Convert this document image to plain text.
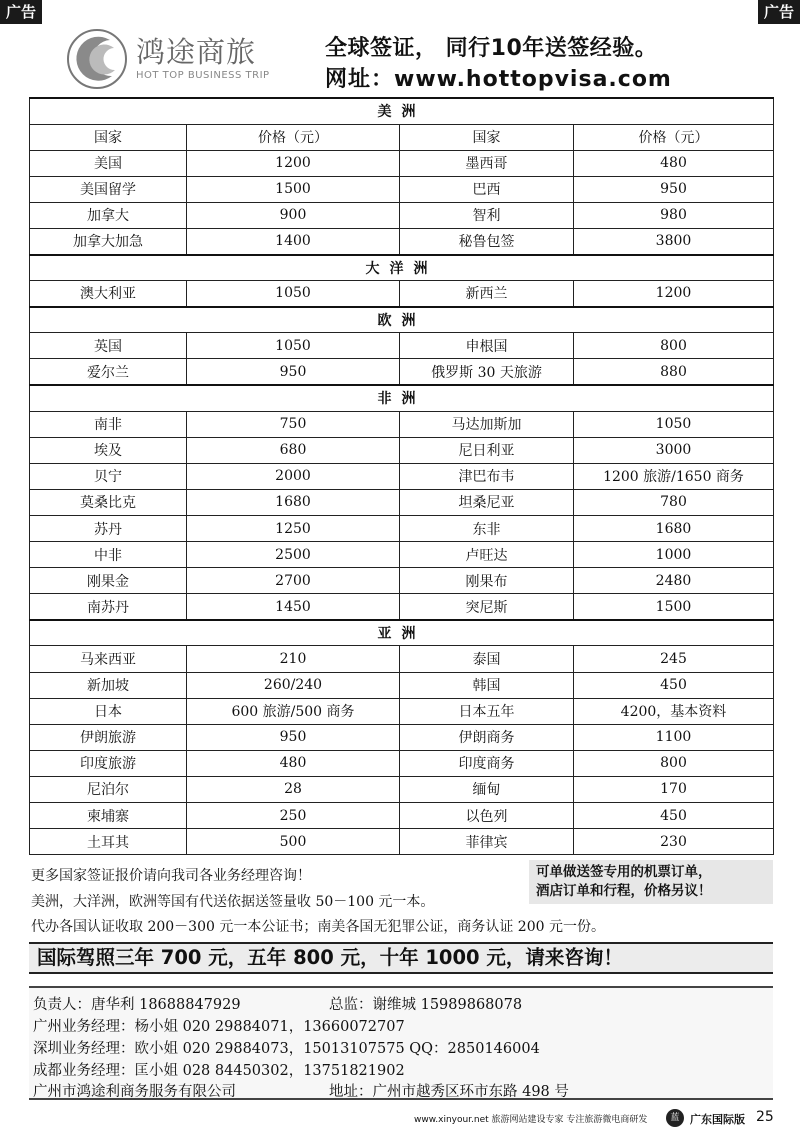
广告	广告
鸿途商旅
HOT TOP BUSINESS TRIP
全球签证， 同行10年送签经验。
网址：www.hottopvisa.com
美洲			
国家	价格（元）	国家	价格（元）
美国	1200	墨西哥	480
美国留学	1500	巴西	950
加拿大	900	智利	980
加拿大加急	1400	秘鲁包签	3800
大洋洲			
澳大利亚	1050	新西兰	1200
欧洲			
英国	1050	申根国	800
爱尔兰	950	俄罗斯 30 天旅游	880
非洲			
南非	750	马达加斯加	1050
埃及	680	尼日利亚	3000
贝宁	2000	津巴布韦	1200 旅游/1650 商务
莫桑比克	1680	坦桑尼亚	780
苏丹	1250	东非	1680
中非	2500	卢旺达	1000
刚果金	2700	刚果布	2480
南苏丹	1450	突尼斯	1500
亚洲			
马来西亚	210	泰国	245
新加坡	260/240	韩国	450
日本	600 旅游/500 商务	日本五年	4200，基本资料
伊朗旅游	950	伊朗商务	1100
印度旅游	480	印度商务	800
尼泊尔	28	缅甸	170
柬埔寨	250	以色列	450
土耳其	500	菲律宾	230
更多国家签证报价请向我司各业务经理咨询！
美洲，大洋洲，欧洲等国有代送依据送签量收 50－100 元一本。
代办各国认证收取 200－300 元一本公证书；南美各国无犯罪公证，商务认证 200 元一份。
可单做送签专用的机票订单，
酒店订单和行程，价格另议！
国际驾照三年 700 元，五年 800 元，十年 1000 元，请来咨询！
负责人：唐华利 18688847929	总监：谢维城 15989868078
广州业务经理：杨小姐 020 29884071，13660072707
深圳业务经理：欧小姐 020 29884073，15013107575 QQ：2850146004
成都业务经理：匡小姐 028 84450302，13751821902
广州市鸿途利商务服务有限公司	地址：广州市越秀区环市东路 498 号
www.xinyour.net 旅游网站建设专家 专注旅游微电商研发	蓝 广东国际版 25
